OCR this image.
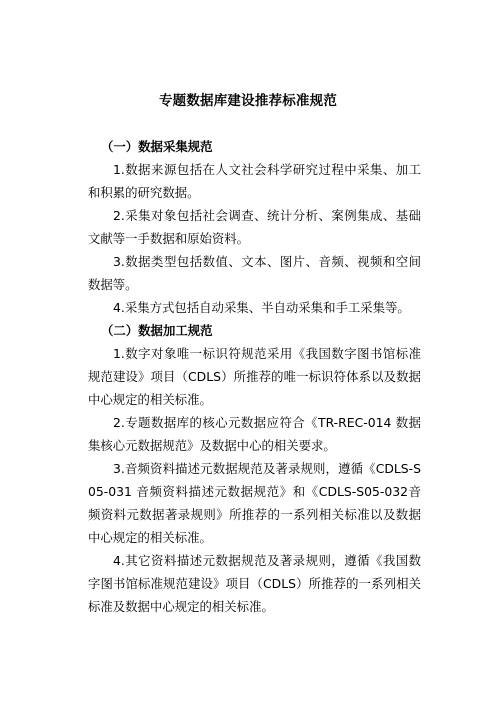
专题数据库建设推荐标准规范

（一）数据采集规范

1.数据来源包括在人文社会科学研究过程中采集、加工和积累的研究数据。

2.采集对象包括社会调查、统计分析、案例集成、基础文献等一手数据和原始资料。

3.数据类型包括数值、文本、图片、音频、视频和空间数据等。

4.采集方式包括自动采集、半自动采集和手工采集等。

（二）数据加工规范

1.数字对象唯一标识符规范采用《我国数字图书馆标准规范建设》项目（CDLS）所推荐的唯一标识符体系以及数据中心规定的相关标准。

2.专题数据库的核心元数据应符合《TR-REC-014 数据集核心元数据规范》及数据中心的相关要求。

3.音频资料描述元数据规范及著录规则，遵循《CDLS-S05-031 音频资料描述元数据规范》和《CDLS-S05-032音频资料元数据著录规则》所推荐的一系列相关标准以及数据中心规定的相关标准。

4.其它资料描述元数据规范及著录规则，遵循《我国数字图书馆标准规范建设》项目（CDLS）所推荐的一系列相关标准及数据中心规定的相关标准。
